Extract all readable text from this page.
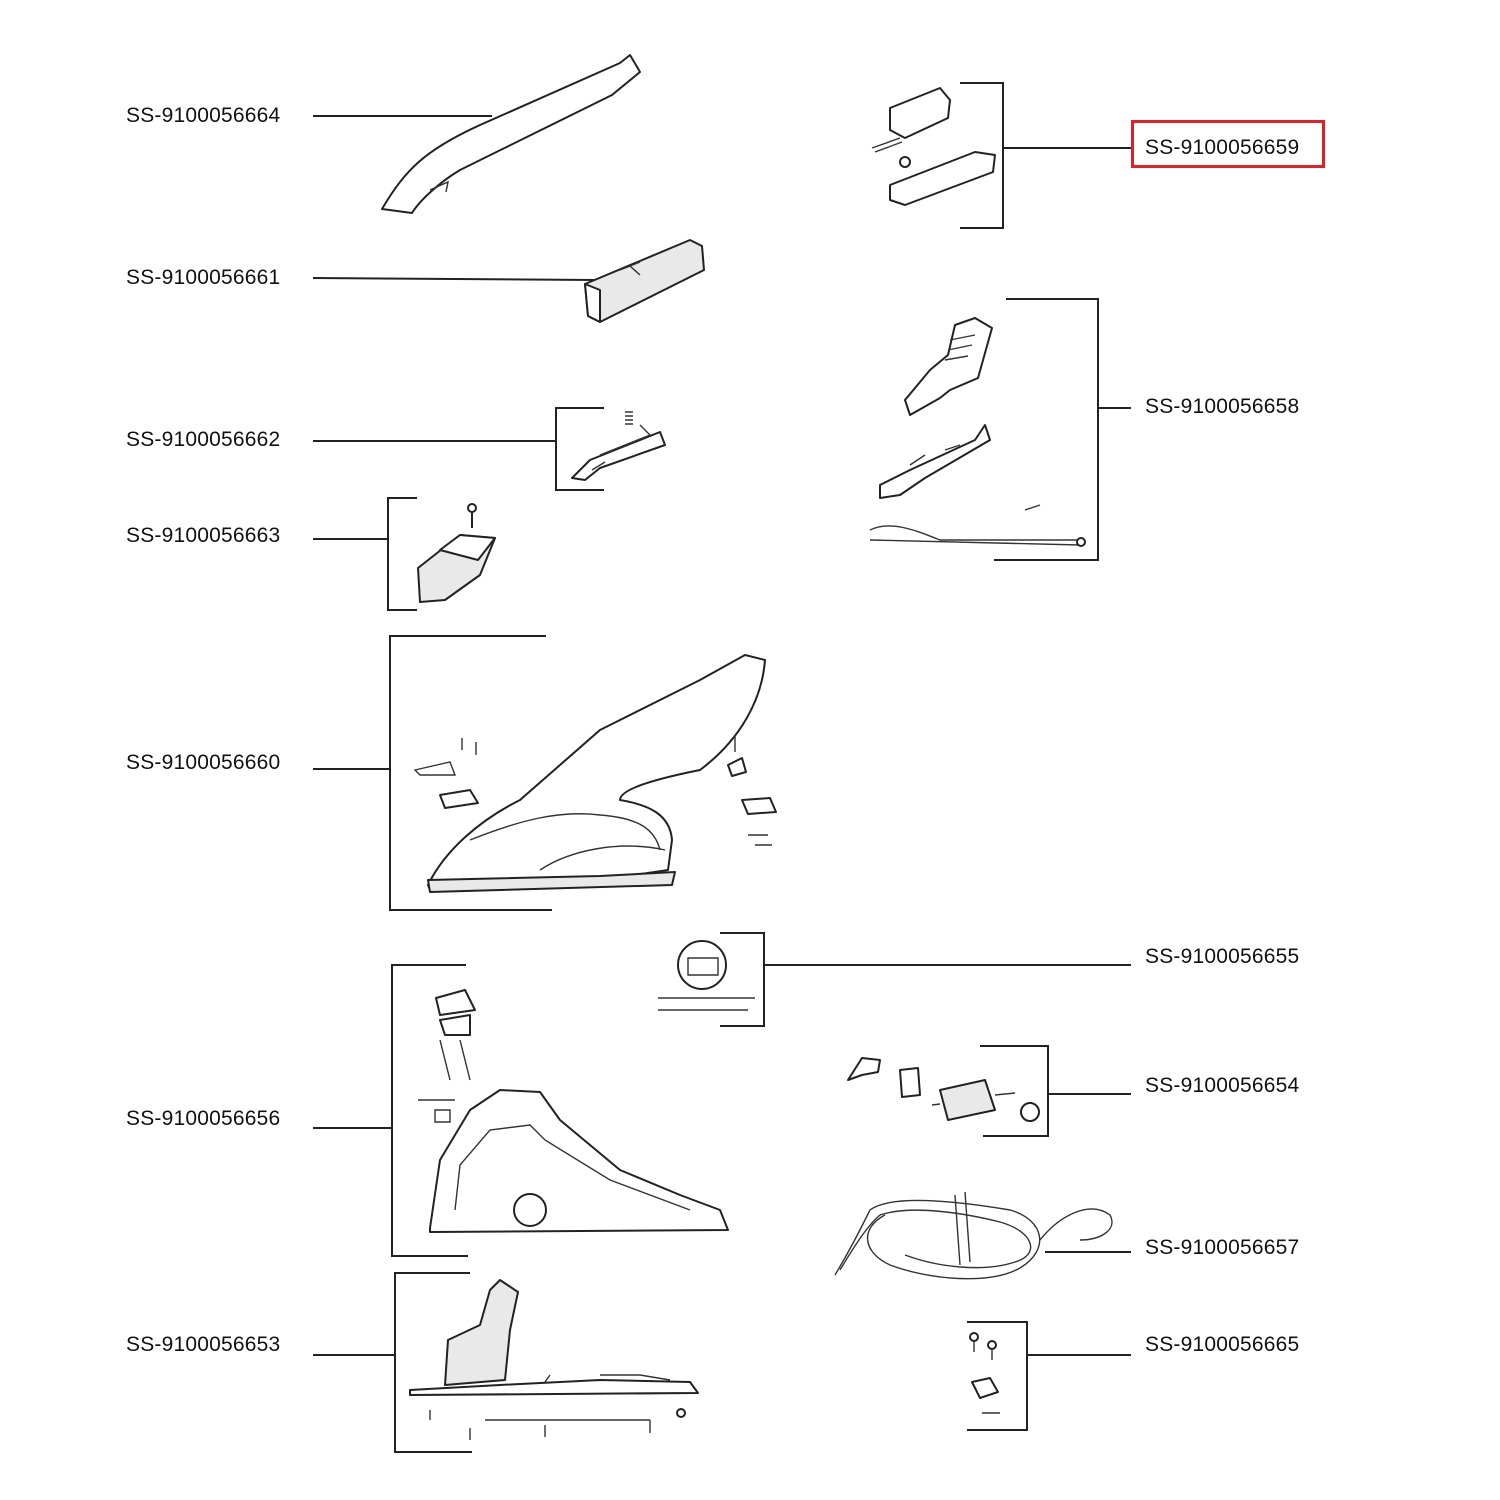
SS-9100056664
SS-9100056661
SS-9100056662
SS-9100056663
SS-9100056660
SS-9100056656
SS-9100056653
SS-9100056659
SS-9100056658
SS-9100056655
SS-9100056654
SS-9100056657
SS-9100056665
